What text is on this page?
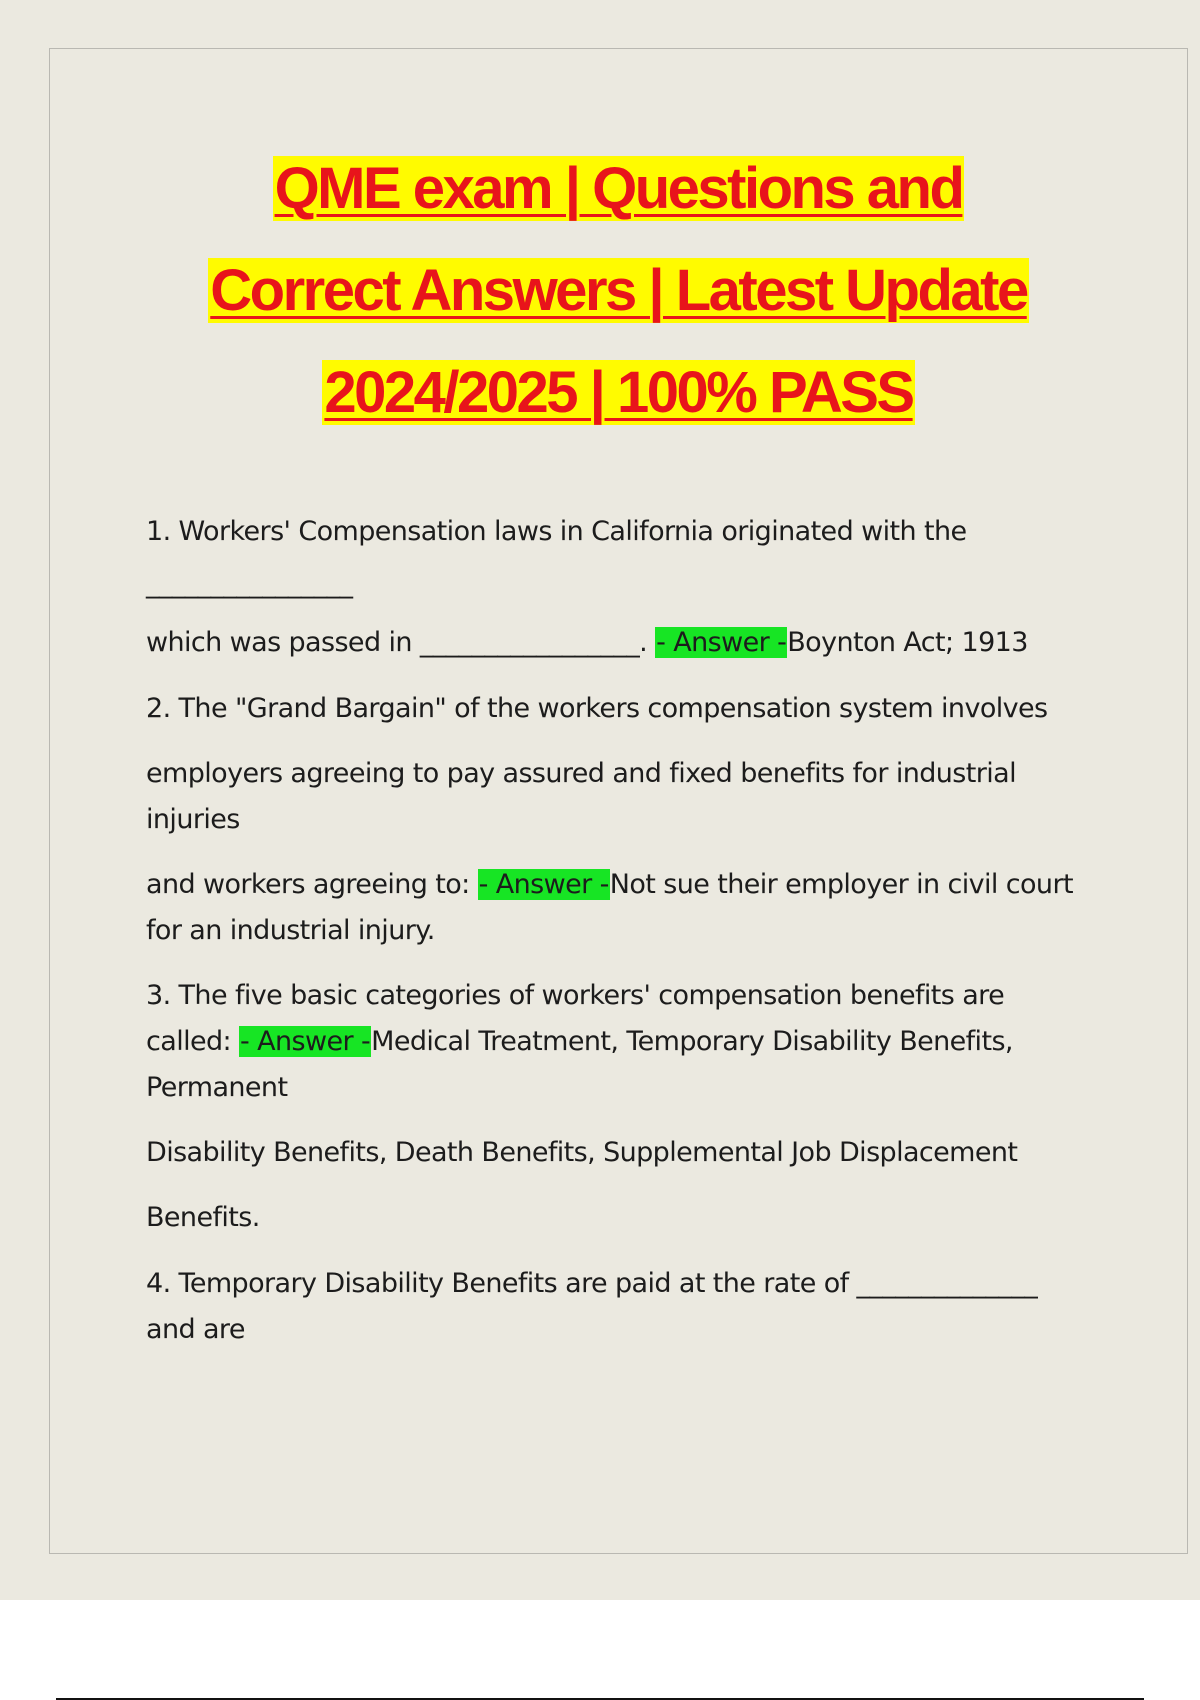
QME exam | Questions and
Correct Answers | Latest Update
2024/2025 | 100% PASS
1. Workers' Compensation laws in California originated with the
________________
which was passed in _________________. - Answer -Boynton Act; 1913
2. The "Grand Bargain" of the workers compensation system involves
employers agreeing to pay assured and fixed benefits for industrial
injuries
and workers agreeing to: - Answer -Not sue their employer in civil court
for an industrial injury.
3. The five basic categories of workers' compensation benefits are
called: - Answer -Medical Treatment, Temporary Disability Benefits,
Permanent
Disability Benefits, Death Benefits, Supplemental Job Displacement
Benefits.
4. Temporary Disability Benefits are paid at the rate of ______________
and are
